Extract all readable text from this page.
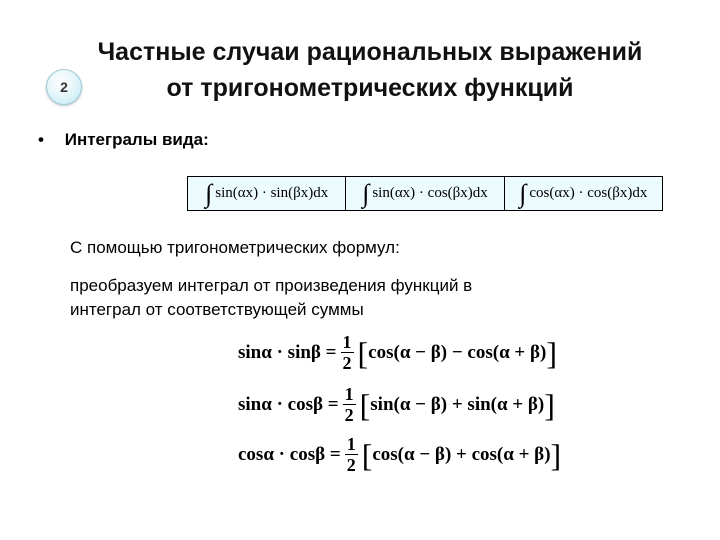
Частные случаи рациональных выражений
от тригонометрических функций
2
• Интегралы вида:
∫ sin(αx) · sin(βx)dx ∫ sin(αx) · cos(βx)dx ∫ cos(αx) · cos(βx)dx
С помощью тригонометрических формул:
преобразуем интеграл от произведения функций в
интеграл от соответствующей суммы
$\sin\alpha \cdot \sin\beta = \frac{1}{2}$ [ cos(α − β) − cos(α + β) ]
$\sin\alpha \cdot \cos\beta = \frac{1}{2}$ [ sin(α − β) + sin(α + β) ]
$\cos\alpha \cdot \cos\beta = \frac{1}{2}$ [ cos(α − β) + cos(α + β) ]
